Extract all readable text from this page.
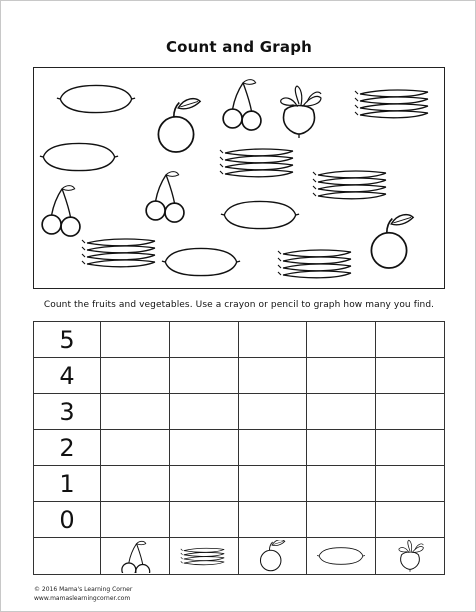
Count and Graph
Count the fruits and vegetables. Use a crayon or pencil to graph how many you find.
5					
4					
3					
2					
1					
0					

© 2016 Mama's Learning Corner
www.mamaslearningcorner.com
